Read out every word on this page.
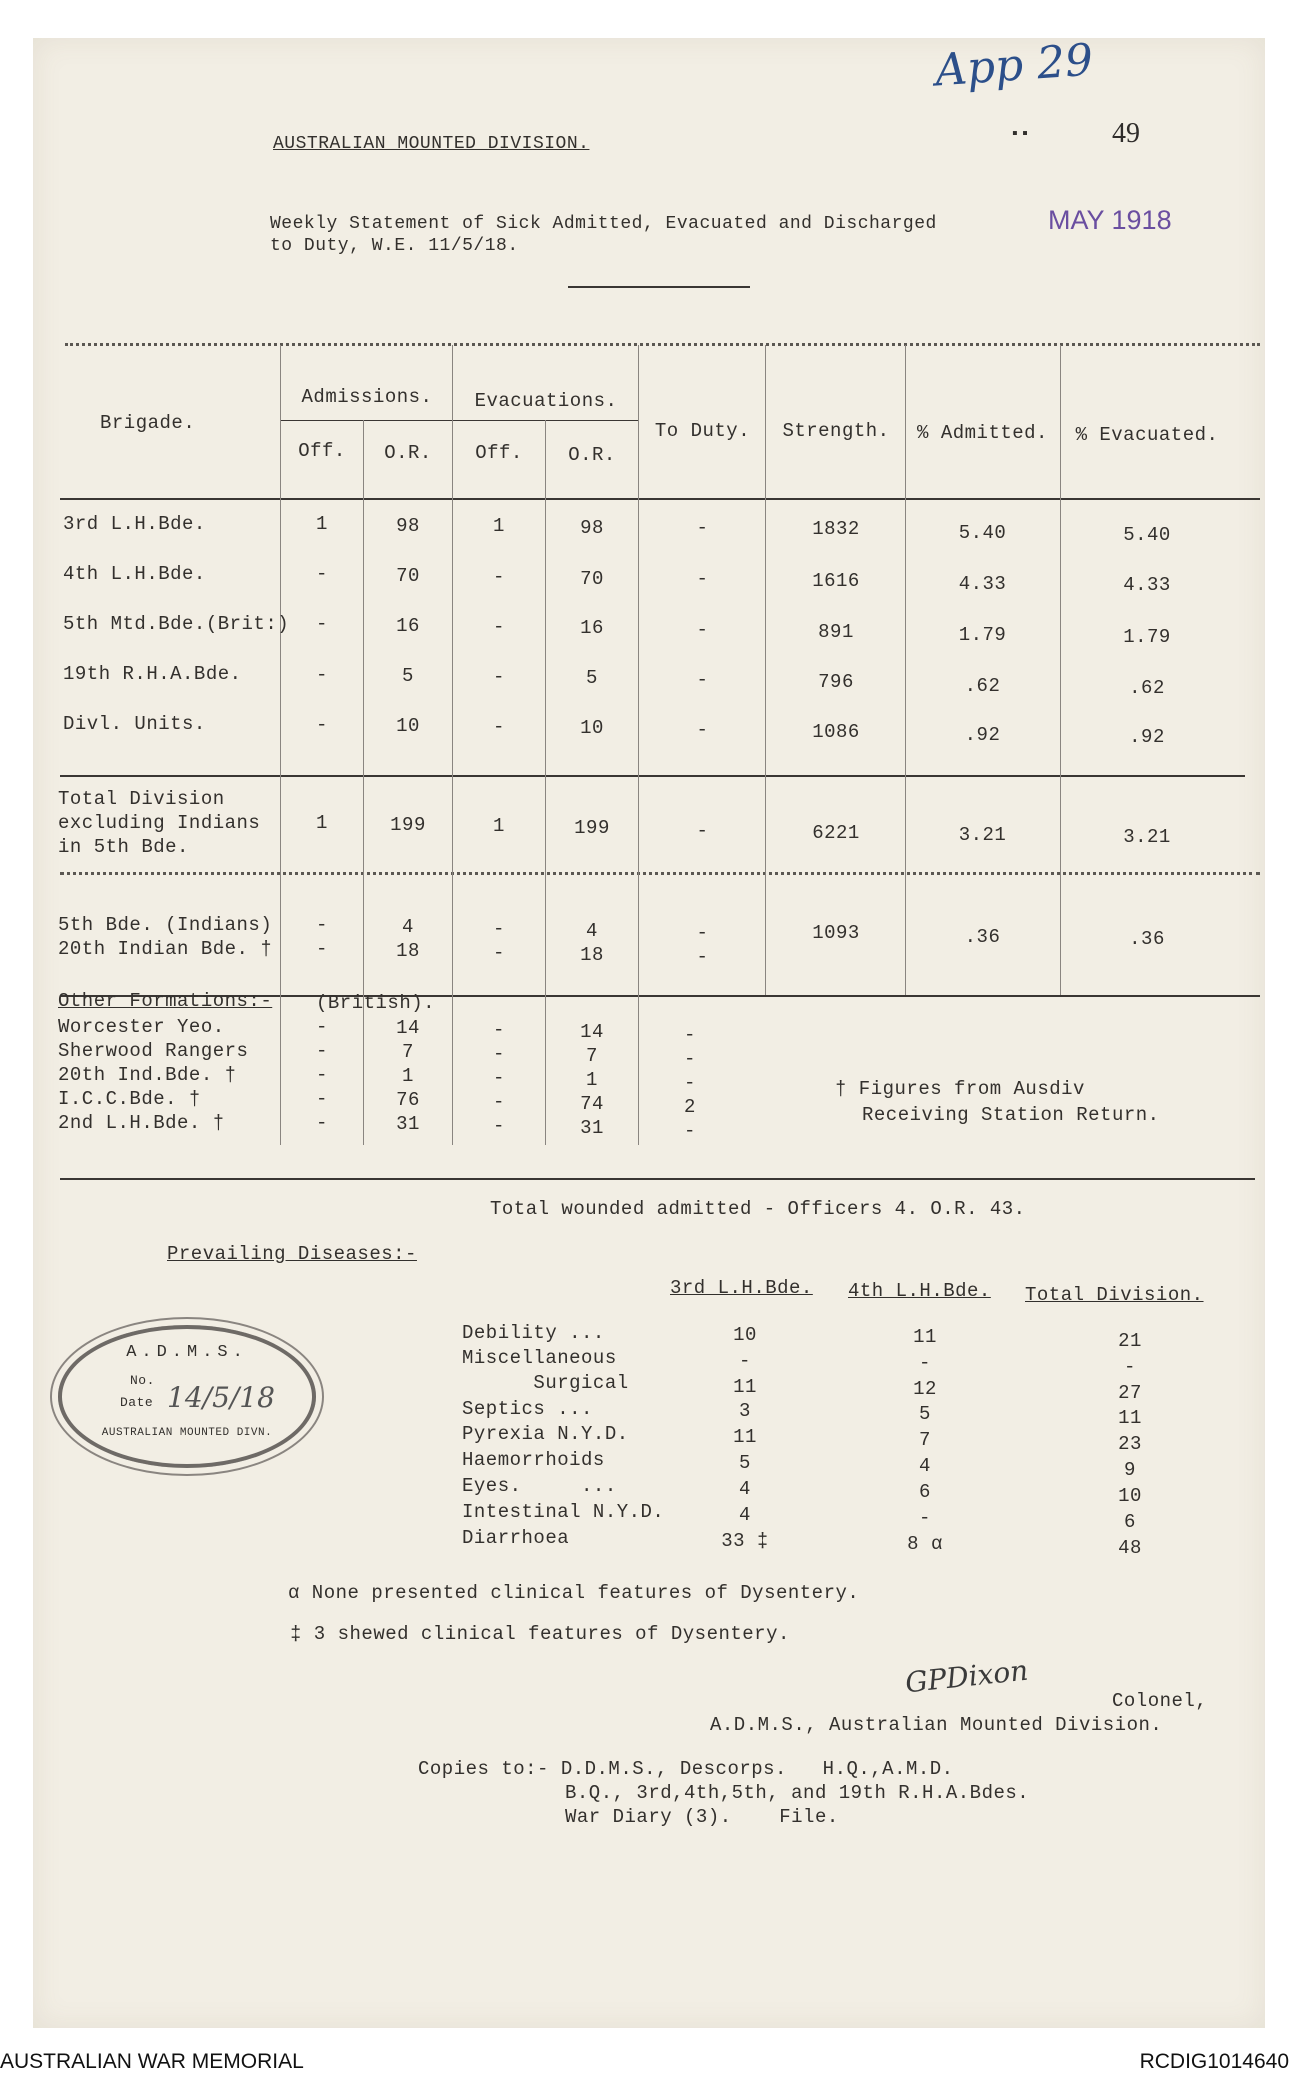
App 29
▪▪	49
AUSTRALIAN MOUNTED DIVISION.
Weekly Statement of Sick Admitted, Evacuated and Discharged
to Duty, W.E. 11/5/18.
MAY 1918
Brigade.
Admissions.	Evacuations.
Off.	O.R.	Off.	O.R.
To Duty.	Strength.	% Admitted.	% Evacuated.
3rd L.H.Bde.	1	98	1	98	-	1832	5.40	5.40
4th L.H.Bde.	-	70	-	70	-	1616	4.33	4.33
5th Mtd.Bde.(Brit:)	-	16	-	16	-	891	1.79	1.79
19th R.H.A.Bde.	-	5	-	5	-	796	.62	.62
Divl. Units.	-	10	-	10	-	1086	.92	.92
Total Division
excluding Indians
in 5th Bde.
1	199	1	199	-	6221	3.21	3.21
5th Bde. (Indians)	-	4	-	4	-	1093	.36	.36
20th Indian Bde. †	-	18	-	18	-
Other Formations:- (British).
Worcester Yeo.	-	14	-	14	-
Sherwood Rangers	-	7	-	7	-
20th Ind.Bde. †	-	1	-	1	-
I.C.C.Bde. †	-	76	-	74	2
2nd L.H.Bde. †	-	31	-	31	-
† Figures from Ausdiv
Receiving Station Return.
Total wounded admitted - Officers 4. O.R. 43.
Prevailing Diseases:-
3rd L.H.Bde. 4th L.H.Bde. Total Division.
Debility ...	10	11	21
Miscellaneous	-	-	-
Surgical	11	12	27
Septics ...	3	5	11
Pyrexia N.Y.D.	11	7	23
Haemorrhoids	5	4	9
Eyes.     ...	4	6	10
Intestinal N.Y.D.	4	-	6
Diarrhoea	33 ‡	8 α	48
A.D.M.S.
No.
Date 14/5/18
AUSTRALIAN MOUNTED DIVN.
α None presented clinical features of Dysentery.
‡ 3 shewed clinical features of Dysentery.
GPDixon
Colonel,
A.D.M.S., Australian Mounted Division.
Copies to:- D.D.M.S., Descorps.   H.Q.,A.M.D.
B.Q., 3rd,4th,5th, and 19th R.H.A.Bdes.
War Diary (3).    File.
AUSTRALIAN WAR MEMORIAL	RCDIG1014640
